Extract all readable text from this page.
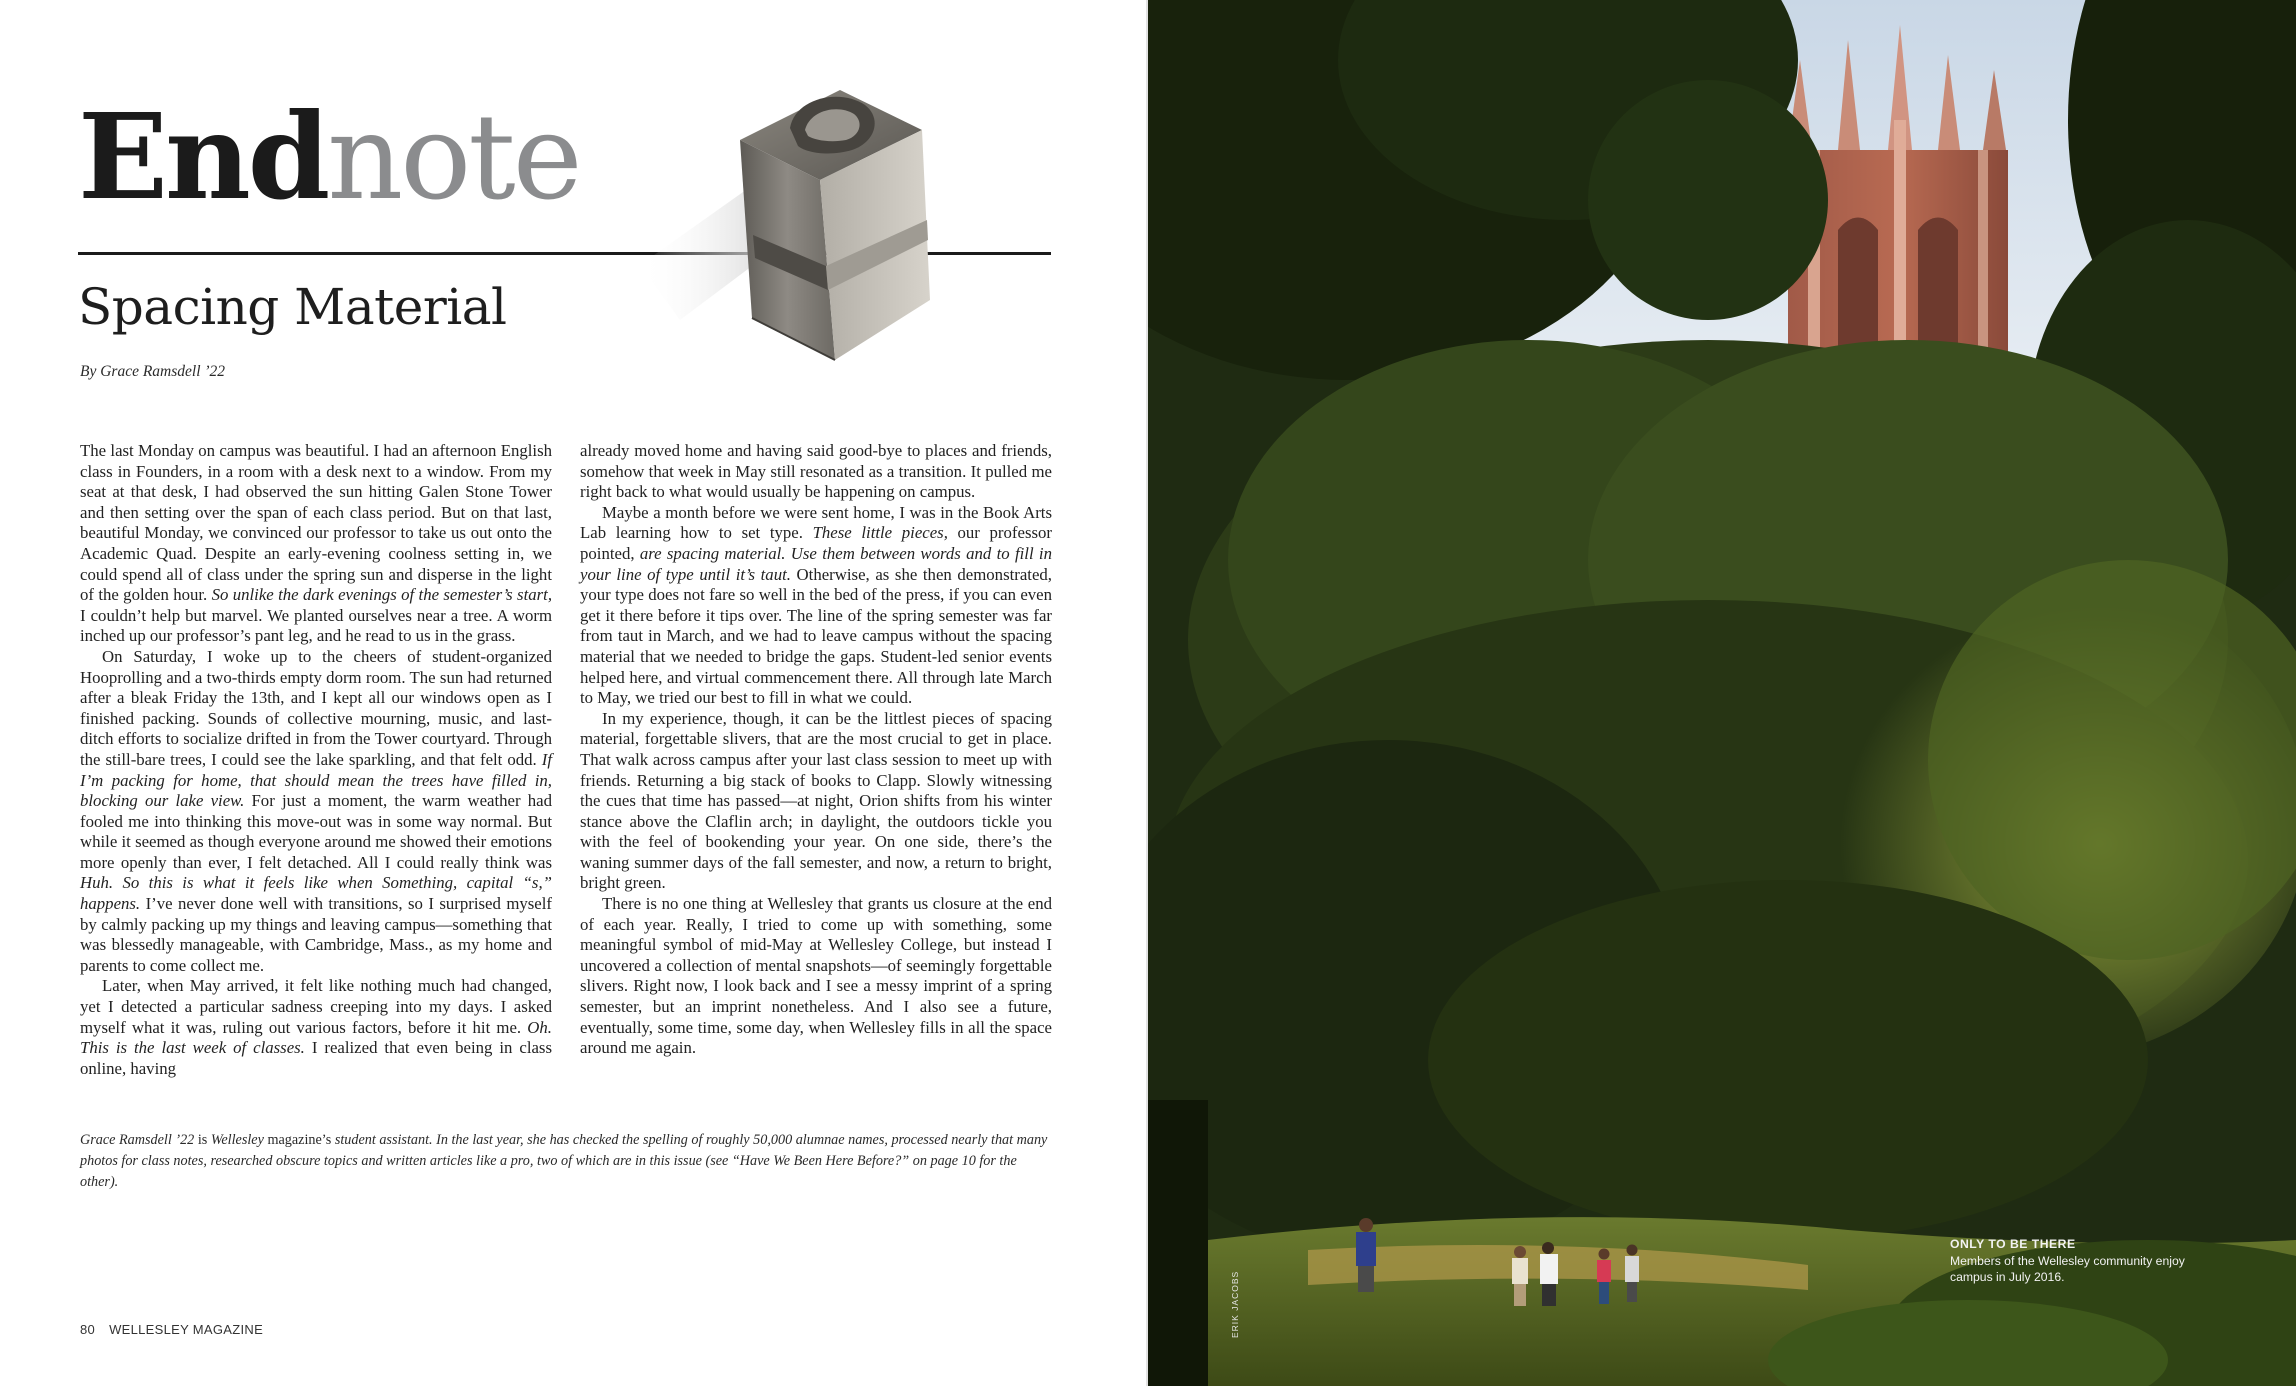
Endnote
Spacing Material
By Grace Ramsdell ’22

The last Monday on campus was beautiful. I had an afternoon English class in Founders, in a room with a desk next to a window. From my seat at that desk, I had observed the sun hitting Galen Stone Tower and then setting over the span of each class period. But on that last, beautiful Monday, we convinced our professor to take us out onto the Academic Quad. Despite an early-evening coolness setting in, we could spend all of class under the spring sun and disperse in the light of the golden hour. So unlike the dark evenings of the semester’s start, I couldn’t help but marvel. We planted ourselves near a tree. A worm inched up our professor’s pant leg, and he read to us in the grass.

On Saturday, I woke up to the cheers of student-organized Hooprolling and a two-thirds empty dorm room. The sun had returned after a bleak Friday the 13th, and I kept all our windows open as I finished packing. Sounds of collective mourning, music, and last-ditch efforts to socialize drifted in from the Tower courtyard. Through the still-bare trees, I could see the lake sparkling, and that felt odd. If I’m packing for home, that should mean the trees have filled in, blocking our lake view. For just a moment, the warm weather had fooled me into thinking this move-out was in some way normal. But while it seemed as though everyone around me showed their emotions more openly than ever, I felt detached. All I could really think was Huh. So this is what it feels like when Something, capital “s,” happens. I’ve never done well with transitions, so I surprised myself by calmly packing up my things and leaving campus—something that was blessedly manageable, with Cambridge, Mass., as my home and parents to come collect me.

Later, when May arrived, it felt like nothing much had changed, yet I detected a particular sadness creeping into my days. I asked myself what it was, ruling out various factors, before it hit me. Oh. This is the last week of classes. I realized that even being in class online, having

already moved home and having said good-bye to places and friends, somehow that week in May still resonated as a transition. It pulled me right back to what would usually be happening on campus.

Maybe a month before we were sent home, I was in the Book Arts Lab learning how to set type. These little pieces, our professor pointed, are spacing material. Use them between words and to fill in your line of type until it’s taut. Otherwise, as she then demonstrated, your type does not fare so well in the bed of the press, if you can even get it there before it tips over. The line of the spring semester was far from taut in March, and we had to leave campus without the spacing material that we needed to bridge the gaps. Student-led senior events helped here, and virtual commencement there. All through late March to May, we tried our best to fill in what we could.

In my experience, though, it can be the littlest pieces of spacing material, forgettable slivers, that are the most crucial to get in place. That walk across campus after your last class session to meet up with friends. Returning a big stack of books to Clapp. Slowly witnessing the cues that time has passed—at night, Orion shifts from his winter stance above the Claflin arch; in daylight, the outdoors tickle you with the feel of bookending your year. On one side, there’s the waning summer days of the fall semester, and now, a return to bright, bright green.

There is no one thing at Wellesley that grants us closure at the end of each year. Really, I tried to come up with something, some meaningful symbol of mid-May at Wellesley College, but instead I uncovered a collection of mental snapshots—of seemingly forgettable slivers. Right now, I look back and I see a messy imprint of a spring semester, but an imprint nonetheless. And I also see a future, eventually, some time, some day, when Wellesley fills in all the space around me again.

Grace Ramsdell ’22 is Wellesley magazine’s student assistant. In the last year, she has checked the spelling of roughly 50,000 alumnae names, processed nearly that many photos for class notes, researched obscure topics and written articles like a pro, two of which are in this issue (see “Have We Been Here Before?” on page 10 for the other).
80 WELLESLEY MAGAZINE
ONLY TO BE THERE
Members of the Wellesley community enjoy campus in July 2016.
ERIK JACOBS
